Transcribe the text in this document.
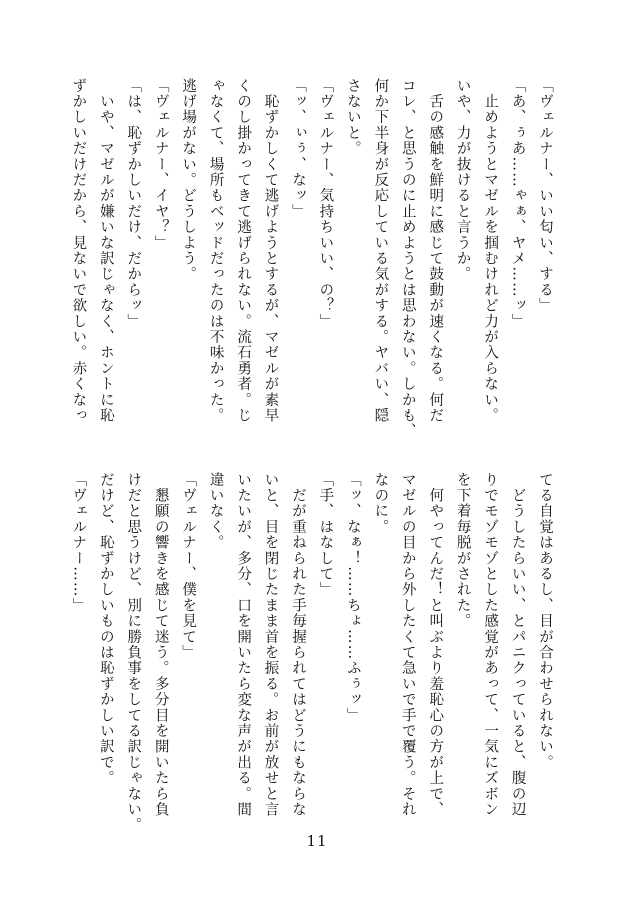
「ヴェルナー、いい匂い、する」
「あ、ぅあ……ゃぁ、ヤメ……ッ」
　止めようとマゼルを掴むけれど力が入らない。
いや、力が抜けると言うか。
　舌の感触を鮮明に感じて鼓動が速くなる。何だ
コレ、と思うのに止めようとは思わない。しかも、
何か下半身が反応している気がする。ヤバい、隠
さないと。
「ヴェルナー、気持ちいい、の？」
「ッ、ぃぅ、なッ」
　恥ずかしくて逃げようとするが、マゼルが素早
くのし掛かってきて逃げられない。流石勇者。じ
ゃなくて、場所もベッドだったのは不味かった。
逃げ場がない。どうしよう。
「ヴェルナー、イヤ？」
「は、恥ずかしいだけ、だからッ」
　いや、マゼルが嫌いな訳じゃなく、ホントに恥
ずかしいだけだから、見ないで欲しい。赤くなっ
てる自覚はあるし、目が合わせられない。
　どうしたらいい、とパニクっていると、腹の辺
りでモゾモゾとした感覚があって、一気にズボン
を下着毎脱がされた。
　何やってんだ！と叫ぶより羞恥心の方が上で、
マゼルの目から外したくて急いで手で覆う。それ
なのに。
「ッ、なぁ！……ちょ……ふぅッ」
「手、はなして」
　だが重ねられた手毎握られてはどうにもならな
いと、目を閉じたまま首を振る。お前が放せと言
いたいが、多分、口を開いたら変な声が出る。間
違いなく。
「ヴェルナー、僕を見て」
　懇願の響きを感じて迷う。多分目を開いたら負
けだと思うけど、別に勝負事をしてる訳じゃない。
だけど、恥ずかしいものは恥ずかしい訳で。
「ヴェルナー……」
11
